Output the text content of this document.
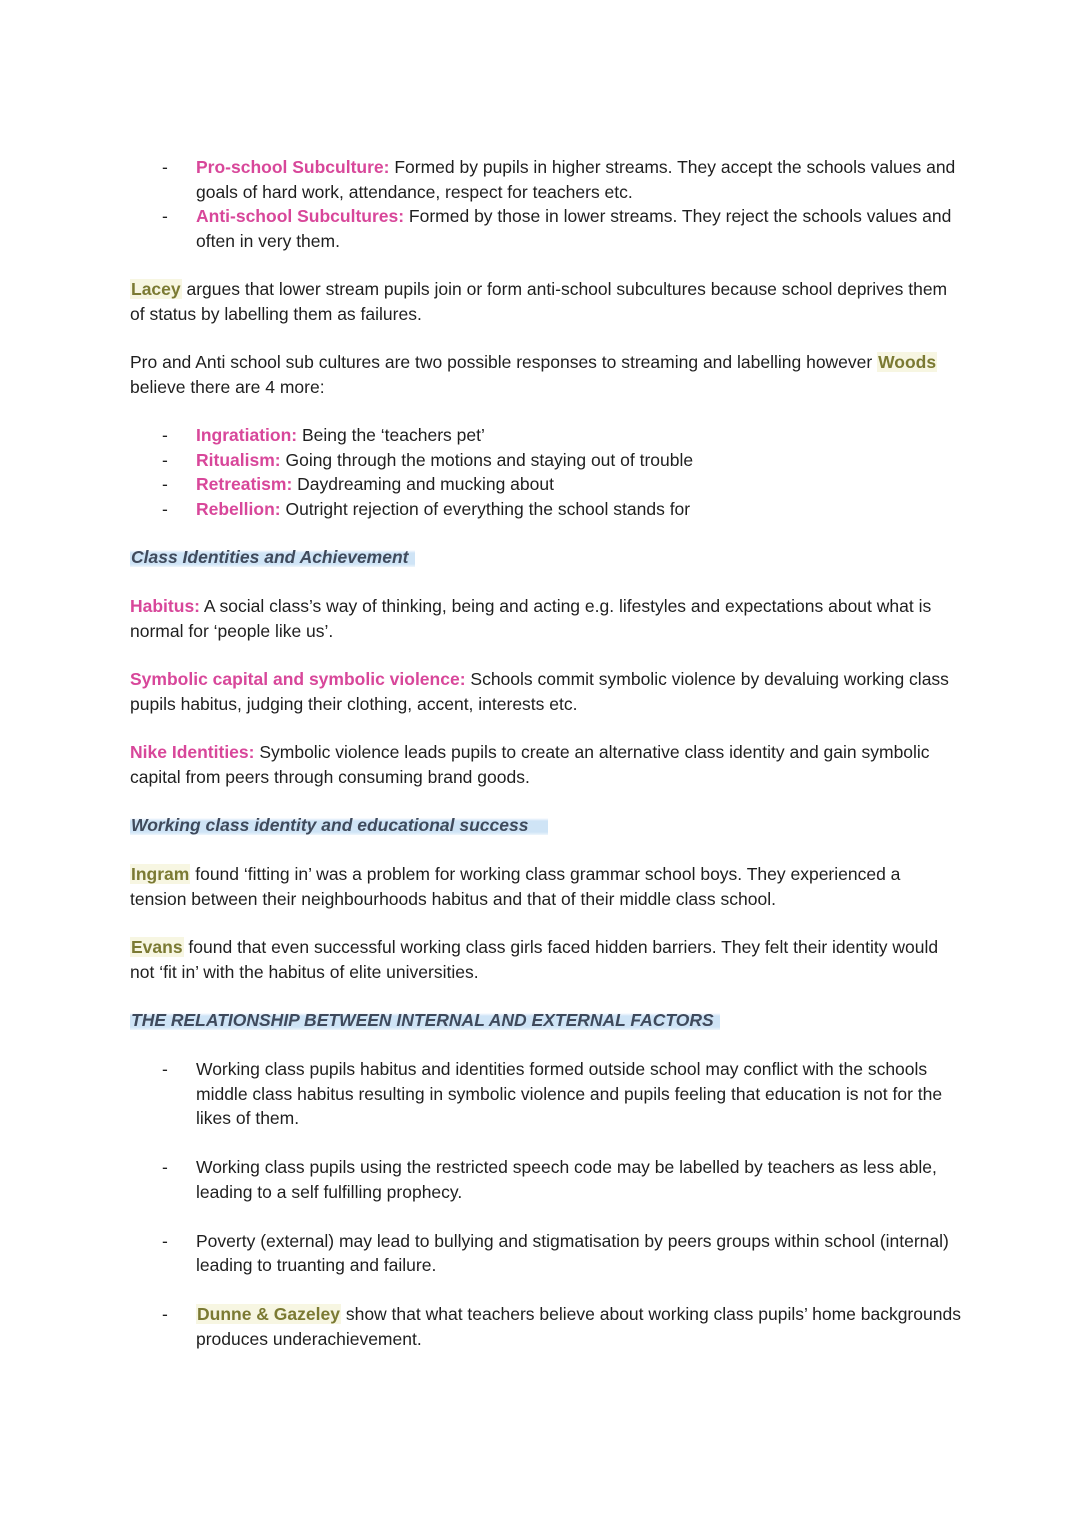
- Pro-school Subculture: Formed by pupils in higher streams. They accept the schools values and goals of hard work, attendance, respect for teachers etc.
- Anti-school Subcultures: Formed by those in lower streams. They reject the schools values and often in very them.

Lacey argues that lower stream pupils join or form anti-school subcultures because school deprives them of status by labelling them as failures.

Pro and Anti school sub cultures are two possible responses to streaming and labelling however Woods believe there are 4 more:

- Ingratiation: Being the ‘teachers pet’
- Ritualism: Going through the motions and staying out of trouble
- Retreatism: Daydreaming and mucking about
- Rebellion: Outright rejection of everything the school stands for
Class Identities and Achievement

Habitus: A social class’s way of thinking, being and acting e.g. lifestyles and expectations about what is normal for ‘people like us’.

Symbolic capital and symbolic violence: Schools commit symbolic violence by devaluing working class pupils habitus, judging their clothing, accent, interests etc.

Nike Identities: Symbolic violence leads pupils to create an alternative class identity and gain symbolic capital from peers through consuming brand goods.

Working class identity and educational success

Ingram found ‘fitting in’ was a problem for working class grammar school boys. They experienced a tension between their neighbourhoods habitus and that of their middle class school.

Evans found that even successful working class girls faced hidden barriers. They felt their identity would not ‘fit in’ with the habitus of elite universities.

THE RELATIONSHIP BETWEEN INTERNAL AND EXTERNAL FACTORS
- Working class pupils habitus and identities formed outside school may conflict with the schools middle class habitus resulting in symbolic violence and pupils feeling that education is not for the likes of them.
- Working class pupils using the restricted speech code may be labelled by teachers as less able, leading to a self fulfilling prophecy.
- Poverty (external) may lead to bullying and stigmatisation by peers groups within school (internal) leading to truanting and failure.
- Dunne & Gazeley show that what teachers believe about working class pupils’ home backgrounds produces underachievement.
